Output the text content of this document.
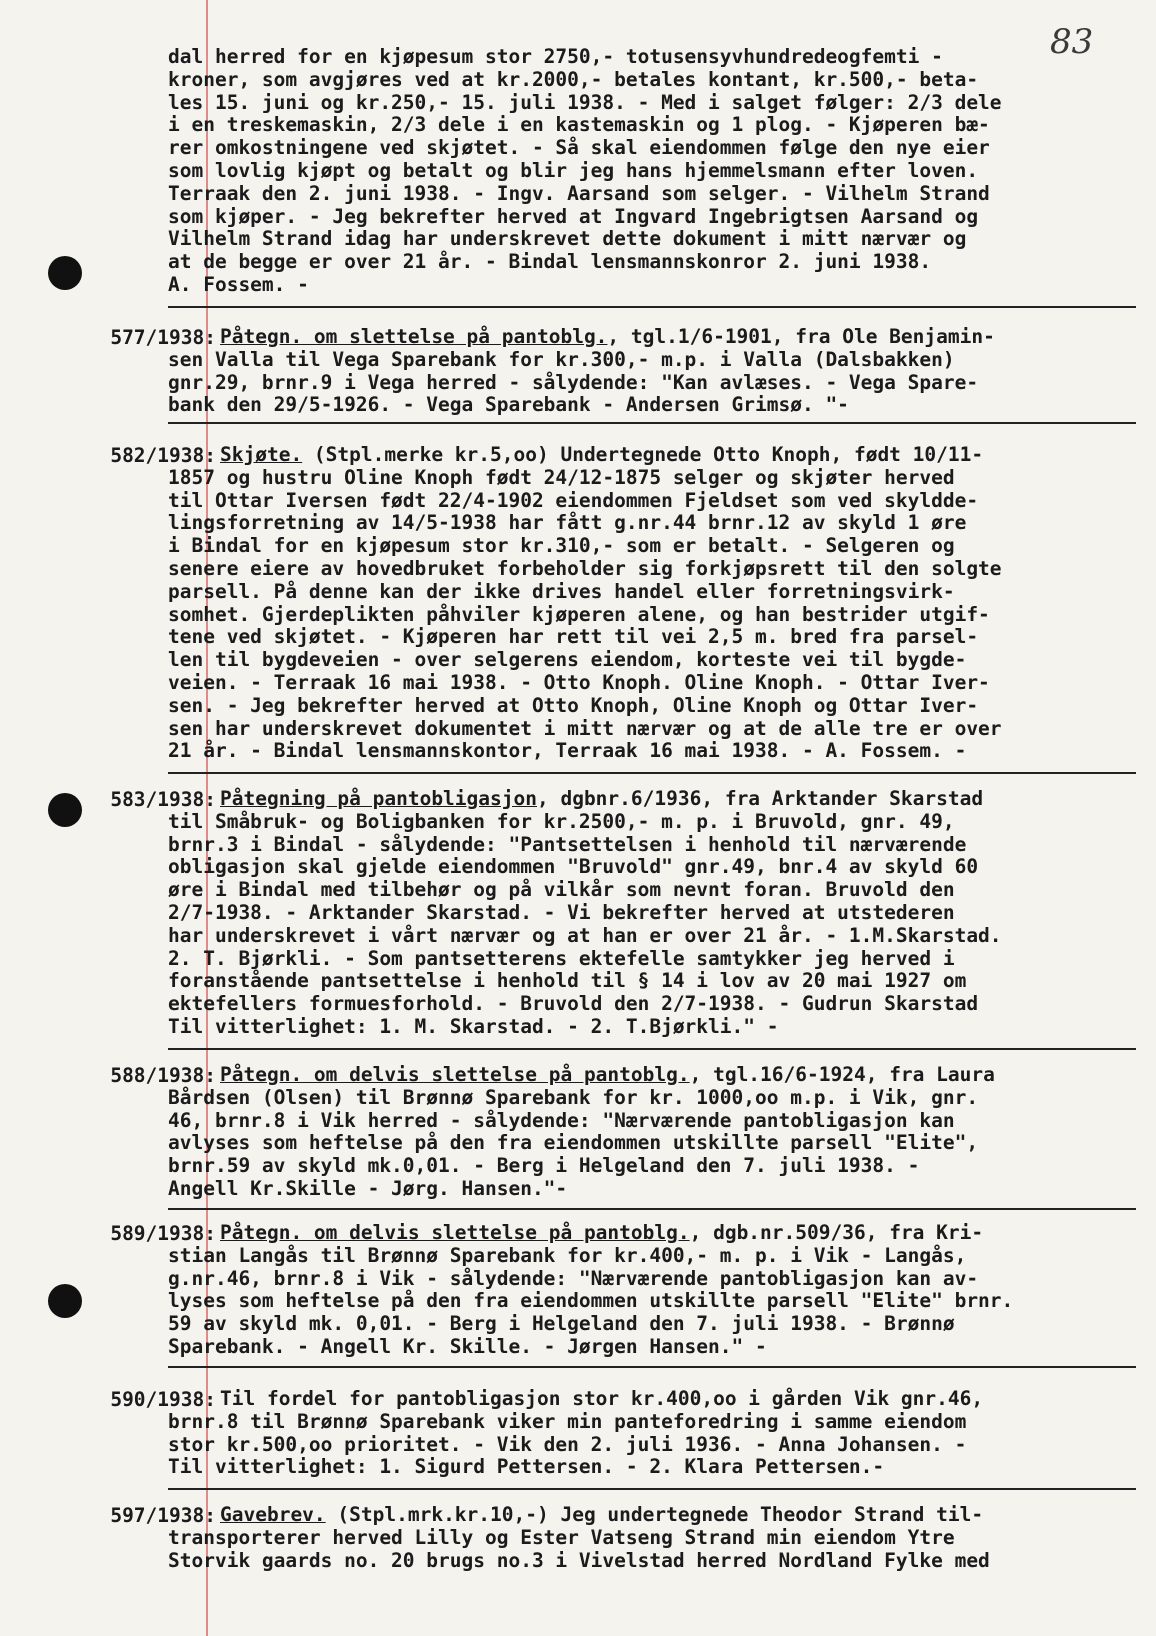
83

dal herred for en kjøpesum stor 2750,- totusensyvhundredeogfemti -

kroner, som avgjøres ved at kr.2000,- betales kontant, kr.500,- beta-

les 15. juni og kr.250,- 15. juli 1938. - Med i salget følger: 2/3 dele

i en treskemaskin, 2/3 dele i en kastemaskin og 1 plog. - Kjøperen bæ-

rer omkostningene ved skjøtet. - Så skal eiendommen følge den nye eier

som lovlig kjøpt og betalt og blir jeg hans hjemmelsmann efter loven.

Terraak den 2. juni 1938. - Ingv. Aarsand som selger. - Vilhelm Strand

som kjøper. - Jeg bekrefter herved at Ingvard Ingebrigtsen Aarsand og

Vilhelm Strand idag har underskrevet dette dokument i mitt nærvær og

at de begge er over 21 år. - Bindal lensmannskonror 2. juni 1938.

A. Fossem. -

577/1938: Påtegn. om slettelse på pantoblg., tgl.1/6-1901, fra Ole Benjamin-

sen Valla til Vega Sparebank for kr.300,- m.p. i Valla (Dalsbakken)

gnr.29, brnr.9 i Vega herred - sålydende: "Kan avlæses. - Vega Spare-

bank den 29/5-1926. - Vega Sparebank - Andersen Grimsø. "-

582/1938: Skjøte. (Stpl.merke kr.5,oo) Undertegnede Otto Knoph, født 10/11-

1857 og hustru Oline Knoph født 24/12-1875 selger og skjøter herved

til Ottar Iversen født 22/4-1902 eiendommen Fjeldset som ved skyldde-

lingsforretning av 14/5-1938 har fått g.nr.44 brnr.12 av skyld 1 øre

i Bindal for en kjøpesum stor kr.310,- som er betalt. - Selgeren og

senere eiere av hovedbruket forbeholder sig forkjøpsrett til den solgte

parsell. På denne kan der ikke drives handel eller forretningsvirk-

somhet. Gjerdeplikten påhviler kjøperen alene, og han bestrider utgif-

tene ved skjøtet. - Kjøperen har rett til vei 2,5 m. bred fra parsel-

len til bygdeveien - over selgerens eiendom, korteste vei til bygde-

veien. - Terraak 16 mai 1938. - Otto Knoph. Oline Knoph. - Ottar Iver-

sen. - Jeg bekrefter herved at Otto Knoph, Oline Knoph og Ottar Iver-

sen har underskrevet dokumentet i mitt nærvær og at de alle tre er over

21 år. - Bindal lensmannskontor, Terraak 16 mai 1938. - A. Fossem. -

583/1938: Påtegning på pantobligasjon, dgbnr.6/1936, fra Arktander Skarstad

til Småbruk- og Boligbanken for kr.2500,- m. p. i Bruvold, gnr. 49,

brnr.3 i Bindal - sålydende: "Pantsettelsen i henhold til nærværende

obligasjon skal gjelde eiendommen "Bruvold" gnr.49, bnr.4 av skyld 60

øre i Bindal med tilbehør og på vilkår som nevnt foran. Bruvold den

2/7-1938. - Arktander Skarstad. - Vi bekrefter herved at utstederen

har underskrevet i vårt nærvær og at han er over 21 år. - 1.M.Skarstad.

2. T. Bjørkli. - Som pantsetterens ektefelle samtykker jeg herved i

foranstående pantsettelse i henhold til § 14 i lov av 20 mai 1927 om

ektefellers formuesforhold. - Bruvold den 2/7-1938. - Gudrun Skarstad

Til vitterlighet: 1. M. Skarstad. - 2. T.Bjørkli." -

588/1938: Påtegn. om delvis slettelse på pantoblg., tgl.16/6-1924, fra Laura

Bårdsen (Olsen) til Brønnø Sparebank for kr. 1000,oo m.p. i Vik, gnr.

46, brnr.8 i Vik herred - sålydende: "Nærværende pantobligasjon kan

avlyses som heftelse på den fra eiendommen utskillte parsell "Elite",

brnr.59 av skyld mk.0,01. - Berg i Helgeland den 7. juli 1938. -

Angell Kr.Skille - Jørg. Hansen."-

589/1938: Påtegn. om delvis slettelse på pantoblg., dgb.nr.509/36, fra Kri-

stian Langås til Brønnø Sparebank for kr.400,- m. p. i Vik - Langås,

g.nr.46, brnr.8 i Vik - sålydende: "Nærværende pantobligasjon kan av-

lyses som heftelse på den fra eiendommen utskillte parsell "Elite" brnr.

59 av skyld mk. 0,01. - Berg i Helgeland den 7. juli 1938. - Brønnø

Sparebank. - Angell Kr. Skille. - Jørgen Hansen." -

590/1938: Til fordel for pantobligasjon stor kr.400,oo i gården Vik gnr.46,

brnr.8 til Brønnø Sparebank viker min panteforedring i samme eiendom

stor kr.500,oo prioritet. - Vik den 2. juli 1936. - Anna Johansen. -

Til vitterlighet: 1. Sigurd Pettersen. - 2. Klara Pettersen.-

597/1938: Gavebrev. (Stpl.mrk.kr.10,-) Jeg undertegnede Theodor Strand til-

transporterer herved Lilly og Ester Vatseng Strand min eiendom Ytre

Storvik gaards no. 20 brugs no.3 i Vivelstad herred Nordland Fylke med
